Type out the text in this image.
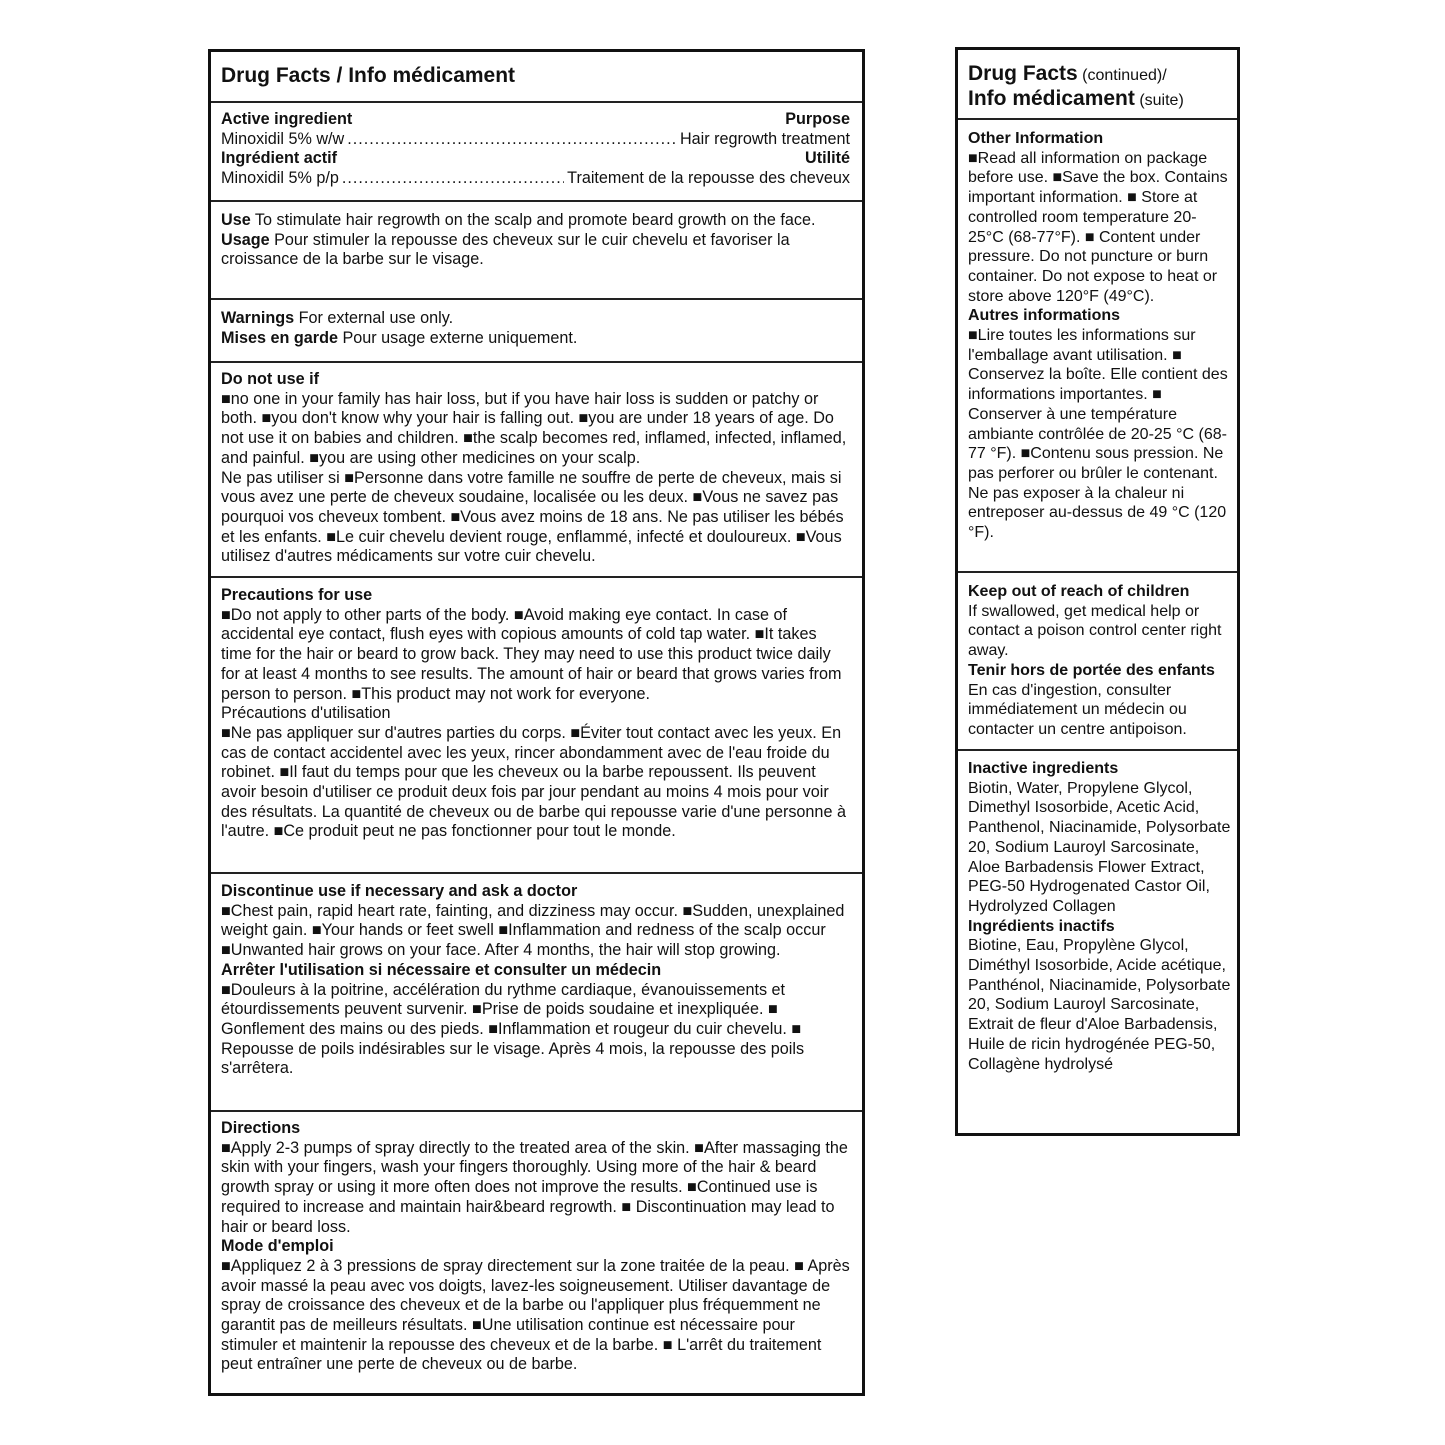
Drug Facts / Info médicament
Active ingredient	Purpose
Minoxidil 5% w/w .....	Hair regrowth treatment
Ingrédient actif	Utilité
Minoxidil 5% p/p .....	Traitement de la repousse des cheveux

Use To stimulate hair regrowth on the scalp and promote beard growth on the face.

Usage Pour stimuler la repousse des cheveux sur le cuir chevelu et favoriser la croissance de la barbe sur le visage.

Warnings For external use only.

Mises en garde Pour usage externe uniquement.

Do not use if

■no one in your family has hair loss, but if you have hair loss is sudden or patchy or both. ■you don't know why your hair is falling out. ■you are under 18 years of age. Do not use it on babies and children. ■the scalp becomes red, inflamed, infected, inflamed, and painful. ■you are using other medicines on your scalp.

Ne pas utiliser si ■Personne dans votre famille ne souffre de perte de cheveux, mais si vous avez une perte de cheveux soudaine, localisée ou les deux. ■Vous ne savez pas pourquoi vos cheveux tombent. ■Vous avez moins de 18 ans. Ne pas utiliser les bébés et les enfants. ■Le cuir chevelu devient rouge, enflammé, infecté et douloureux. ■Vous utilisez d'autres médicaments sur votre cuir chevelu.

Precautions for use

■Do not apply to other parts of the body. ■Avoid making eye contact. In case of accidental eye contact, flush eyes with copious amounts of cold tap water. ■It takes time for the hair or beard to grow back. They may need to use this product twice daily for at least 4 months to see results. The amount of hair or beard that grows varies from person to person. ■This product may not work for everyone.

Précautions d'utilisation

■Ne pas appliquer sur d'autres parties du corps. ■Éviter tout contact avec les yeux. En cas de contact accidentel avec les yeux, rincer abondamment avec de l'eau froide du robinet. ■Il faut du temps pour que les cheveux ou la barbe repoussent. Ils peuvent avoir besoin d'utiliser ce produit deux fois par jour pendant au moins 4 mois pour voir des résultats. La quantité de cheveux ou de barbe qui repousse varie d'une personne à l'autre. ■Ce produit peut ne pas fonctionner pour tout le monde.

Discontinue use if necessary and ask a doctor

■Chest pain, rapid heart rate, fainting, and dizziness may occur. ■Sudden, unexplained weight gain. ■Your hands or feet swell ■Inflammation and redness of the scalp occur ■Unwanted hair grows on your face. After 4 months, the hair will stop growing.

Arrêter l'utilisation si nécessaire et consulter un médecin

■Douleurs à la poitrine, accélération du rythme cardiaque, évanouissements et étourdissements peuvent survenir. ■Prise de poids soudaine et inexpliquée. ■ Gonflement des mains ou des pieds. ■Inflammation et rougeur du cuir chevelu. ■ Repousse de poils indésirables sur le visage. Après 4 mois, la repousse des poils s'arrêtera.

Directions

■Apply 2-3 pumps of spray directly to the treated area of the skin. ■After massaging the skin with your fingers, wash your fingers thoroughly. Using more of the hair & beard growth spray or using it more often does not improve the results. ■Continued use is required to increase and maintain hair&beard regrowth. ■ Discontinuation may lead to hair or beard loss.

Mode d'emploi

■Appliquez 2 à 3 pressions de spray directement sur la zone traitée de la peau. ■ Après avoir massé la peau avec vos doigts, lavez-les soigneusement. Utiliser davantage de spray de croissance des cheveux et de la barbe ou l'appliquer plus fréquemment ne garantit pas de meilleurs résultats. ■Une utilisation continue est nécessaire pour stimuler et maintenir la repousse des cheveux et de la barbe. ■ L'arrêt du traitement peut entraîner une perte de cheveux ou de barbe.

Drug Facts (continued)/
Info médicament (suite)
Other Information

■Read all information on package before use. ■Save the box. Contains important information. ■ Store at controlled room temperature 20-25°C (68-77°F). ■ Content under pressure. Do not puncture or burn container. Do not expose to heat or store above 120°F (49°C).

Autres informations

■Lire toutes les informations sur l'emballage avant utilisation. ■ Conservez la boîte. Elle contient des informations importantes. ■ Conserver à une température ambiante contrôlée de 20-25 °C (68-77 °F). ■Contenu sous pression. Ne pas perforer ou brûler le contenant. Ne pas exposer à la chaleur ni entreposer au-dessus de 49 °C (120 °F).

Keep out of reach of children

If swallowed, get medical help or contact a poison control center right away.

Tenir hors de portée des enfants

En cas d'ingestion, consulter immédiatement un médecin ou contacter un centre antipoison.

Inactive ingredients

Biotin, Water, Propylene Glycol, Dimethyl Isosorbide, Acetic Acid, Panthenol, Niacinamide, Polysorbate 20, Sodium Lauroyl Sarcosinate, Aloe Barbadensis Flower Extract, PEG-50 Hydrogenated Castor Oil, Hydrolyzed Collagen

Ingrédients inactifs

Biotine, Eau, Propylène Glycol, Diméthyl Isosorbide, Acide acétique, Panthénol, Niacinamide, Polysorbate 20, Sodium Lauroyl Sarcosinate, Extrait de fleur d'Aloe Barbadensis, Huile de ricin hydrogénée PEG-50, Collagène hydrolysé
